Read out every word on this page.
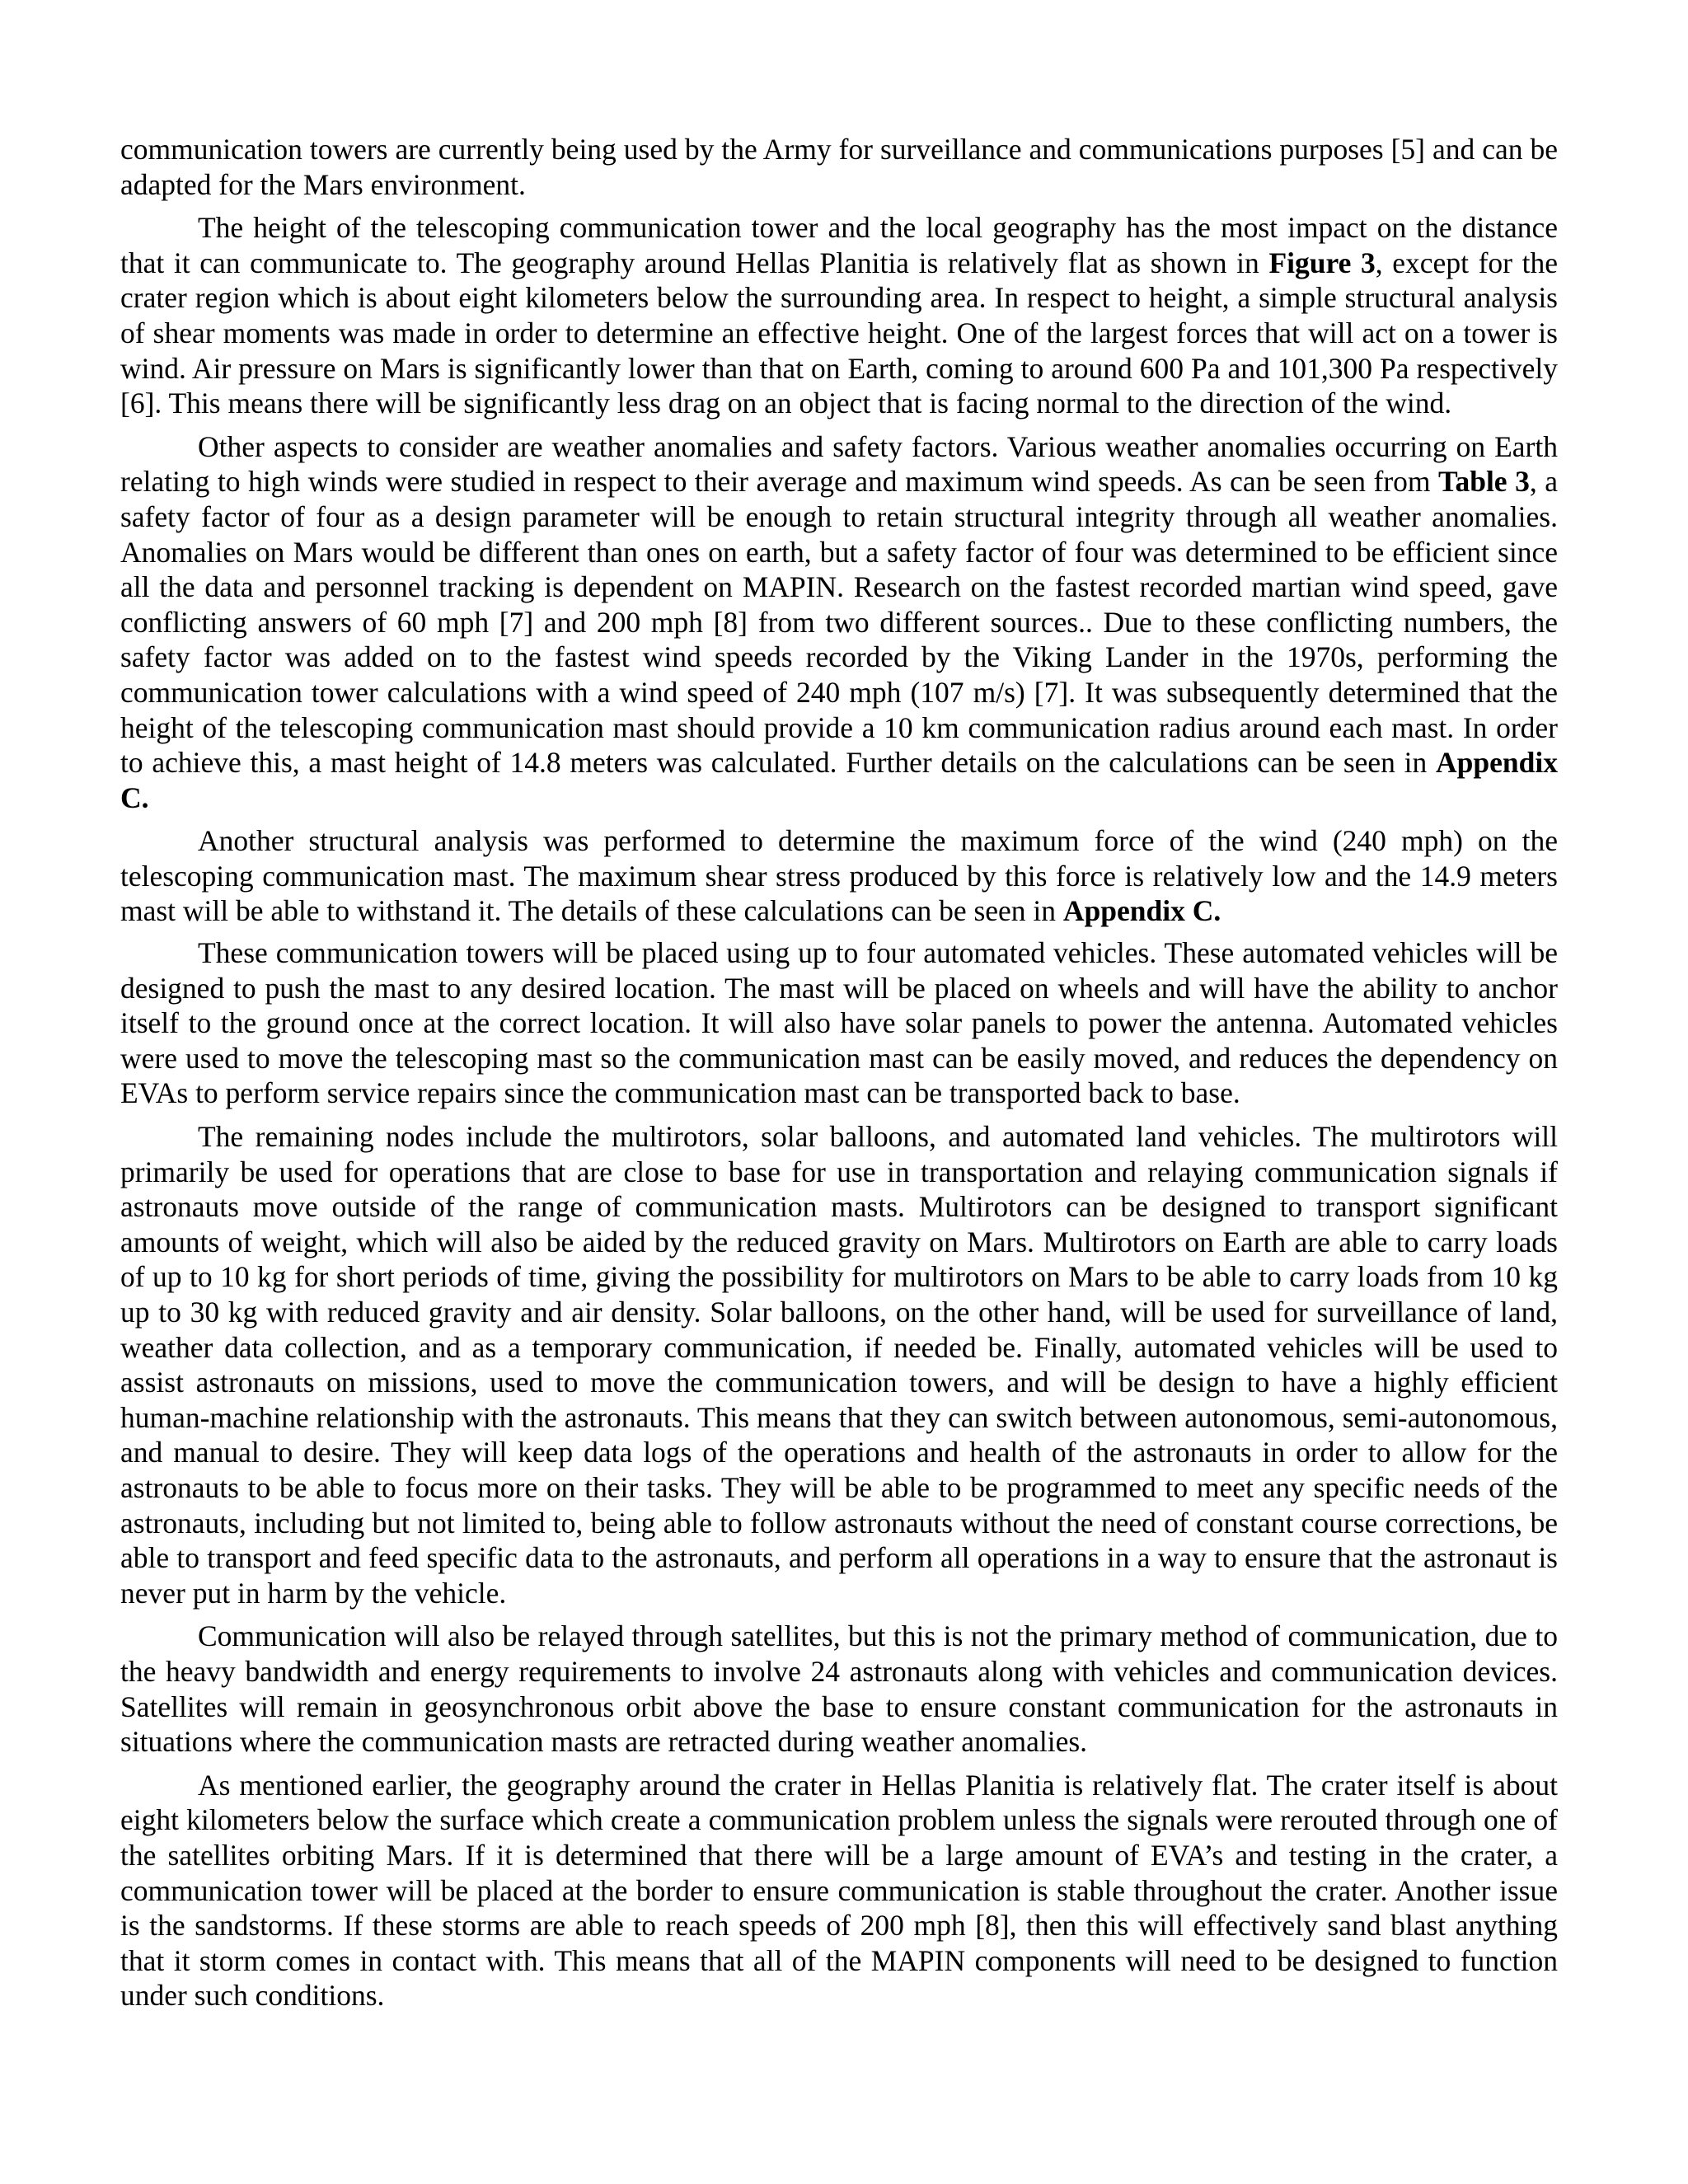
communication towers are currently being used by the Army for surveillance and communications purposes [5] and can be adapted for the Mars environment.

The height of the telescoping communication tower and the local geography has the most impact on the distance that it can communicate to. The geography around Hellas Planitia is relatively flat as shown in Figure 3, except for the crater region which is about eight kilometers below the surrounding area. In respect to height, a simple structural analysis of shear moments was made in order to determine an effective height. One of the largest forces that will act on a tower is wind. Air pressure on Mars is significantly lower than that on Earth, coming to around 600 Pa and 101,300 Pa respectively [6]. This means there will be significantly less drag on an object that is facing normal to the direction of the wind.

Other aspects to consider are weather anomalies and safety factors. Various weather anomalies occurring on Earth relating to high winds were studied in respect to their average and maximum wind speeds. As can be seen from Table 3, a safety factor of four as a design parameter will be enough to retain structural integrity through all weather anomalies. Anomalies on Mars would be different than ones on earth, but a safety factor of four was determined to be efficient since all the data and personnel tracking is dependent on MAPIN. Research on the fastest recorded martian wind speed, gave conflicting answers of 60 mph [7] and 200 mph [8] from two different sources.. Due to these conflicting numbers, the safety factor was added on to the fastest wind speeds recorded by the Viking Lander in the 1970s, performing the communication tower calculations with a wind speed of 240 mph (107 m/s) [7]. It was subsequently determined that the height of the telescoping communication mast should provide a 10 km communication radius around each mast. In order to achieve this, a mast height of 14.8 meters was calculated. Further details on the calculations can be seen in Appendix C.

Another structural analysis was performed to determine the maximum force of the wind (240 mph) on the telescoping communication mast. The maximum shear stress produced by this force is relatively low and the 14.9 meters mast will be able to withstand it. The details of these calculations can be seen in Appendix C.

These communication towers will be placed using up to four automated vehicles. These automated vehicles will be designed to push the mast to any desired location. The mast will be placed on wheels and will have the ability to anchor itself to the ground once at the correct location. It will also have solar panels to power the antenna. Automated vehicles were used to move the telescoping mast so the communication mast can be easily moved, and reduces the dependency on EVAs to perform service repairs since the communication mast can be transported back to base.

The remaining nodes include the multirotors, solar balloons, and automated land vehicles. The multirotors will primarily be used for operations that are close to base for use in transportation and relaying communication signals if astronauts move outside of the range of communication masts. Multirotors can be designed to transport significant amounts of weight, which will also be aided by the reduced gravity on Mars. Multirotors on Earth are able to carry loads of up to 10 kg for short periods of time, giving the possibility for multirotors on Mars to be able to carry loads from 10 kg up to 30 kg with reduced gravity and air density. Solar balloons, on the other hand, will be used for surveillance of land, weather data collection, and as a temporary communication, if needed be. Finally, automated vehicles will be used to assist astronauts on missions, used to move the communication towers, and will be design to have a highly efficient human-machine relationship with the astronauts. This means that they can switch between autonomous, semi-autonomous, and manual to desire. They will keep data logs of the operations and health of the astronauts in order to allow for the astronauts to be able to focus more on their tasks. They will be able to be programmed to meet any specific needs of the astronauts, including but not limited to, being able to follow astronauts without the need of constant course corrections, be able to transport and feed specific data to the astronauts, and perform all operations in a way to ensure that the astronaut is never put in harm by the vehicle.

Communication will also be relayed through satellites, but this is not the primary method of communication, due to the heavy bandwidth and energy requirements to involve 24 astronauts along with vehicles and communication devices. Satellites will remain in geosynchronous orbit above the base to ensure constant communication for the astronauts in situations where the communication masts are retracted during weather anomalies.

As mentioned earlier, the geography around the crater in Hellas Planitia is relatively flat. The crater itself is about eight kilometers below the surface which create a communication problem unless the signals were rerouted through one of the satellites orbiting Mars. If it is determined that there will be a large amount of EVA’s and testing in the crater, a communication tower will be placed at the border to ensure communication is stable throughout the crater. Another issue is the sandstorms. If these storms are able to reach speeds of 200 mph [8], then this will effectively sand blast anything that it storm comes in contact with. This means that all of the MAPIN components will need to be designed to function under such conditions.
